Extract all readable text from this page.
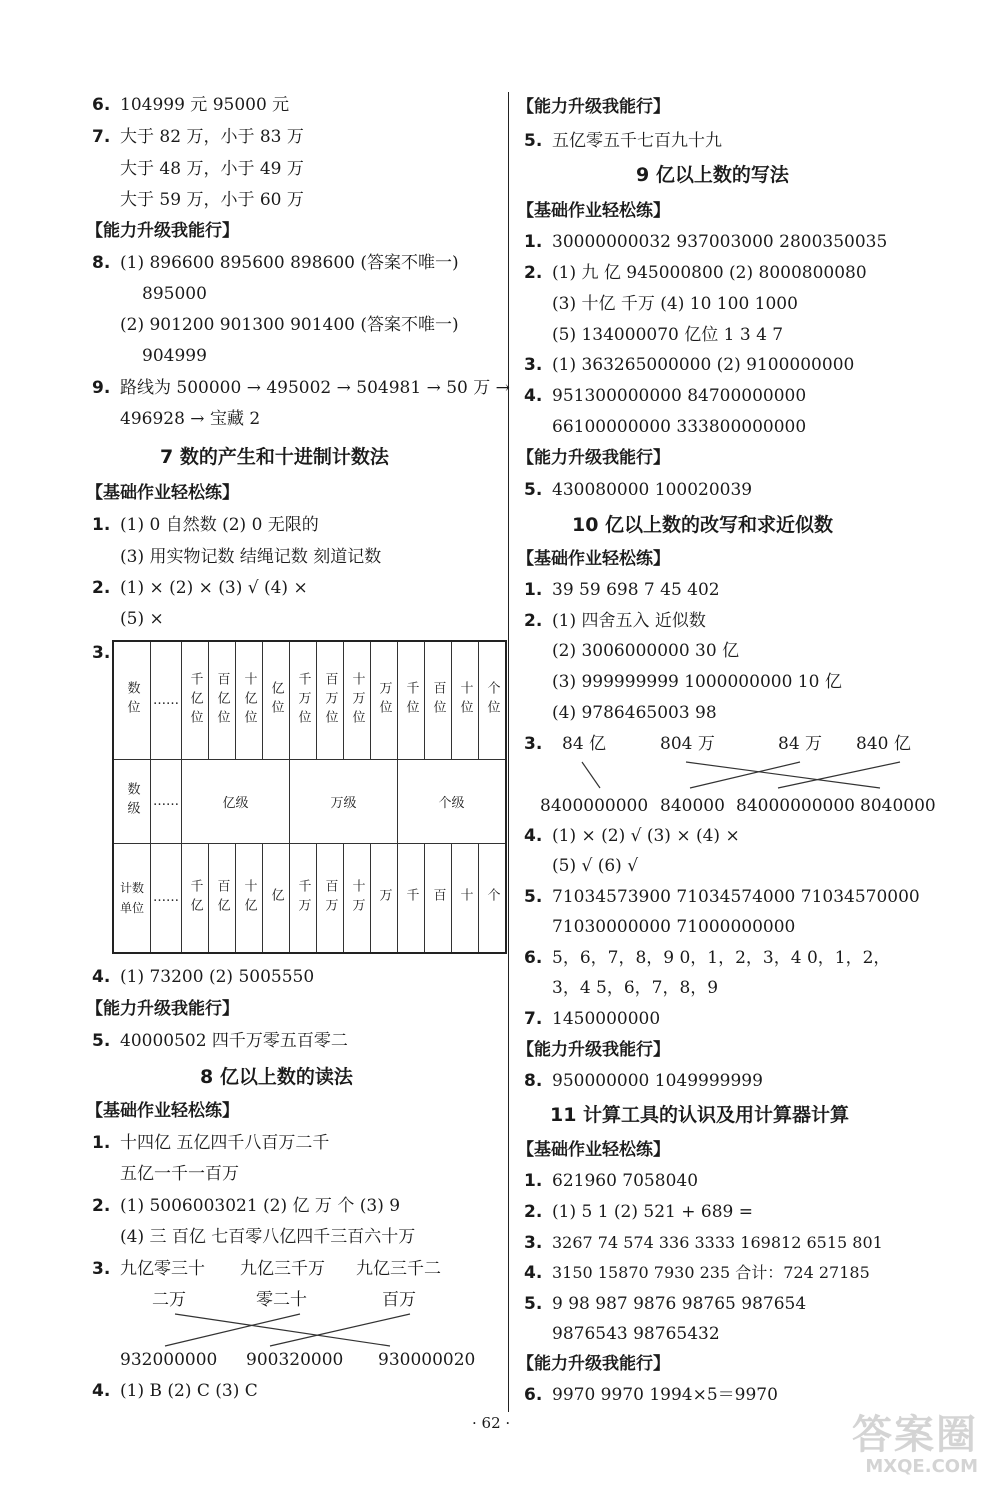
6. 104999 元 95000 元
7. 大于 82 万，小于 83 万
大于 48 万，小于 49 万
大于 59 万，小于 60 万
【能力升级我能行】
8. (1) 896600 895600 898600 (答案不唯一)
895000
(2) 901200 901300 901400 (答案不唯一)
904999
9. 路线为 500000 → 495002 → 504981 → 50 万 →
496928 → 宝藏 2
7 数的产生和十进制计数法
【基础作业轻松练】
1. (1) 0 自然数 (2) 0 无限的
(3) 用实物记数 结绳记数 刻道记数
2. (1) × (2) × (3) √ (4) ×
(5) ×
3.
数位	……	千亿位	百亿位	十亿位	亿位	千万位	百万位	十万位	万位	千位	百位	十位	个位
数级	……	亿级				万级				个级			
计数单位	……	千亿	百亿	十亿	亿	千万	百万	十万	万	千	百	十	个
4. (1) 73200 (2) 5005550
【能力升级我能行】
5. 40000502 四千万零五百零二
8 亿以上数的读法
【基础作业轻松练】
1. 十四亿 五亿四千八百万二千
五亿一千一百万
2. (1) 5006003021 (2) 亿 万 个 (3) 9
(4) 三 百亿 七百零八亿四千三百六十万
3. 九亿零三十 九亿三千万 九亿三千二
二万	零二十	百万
932000000 900320000 930000020
4. (1) B (2) C (3) C
【能力升级我能行】
5. 五亿零五千七百九十九
9 亿以上数的写法
【基础作业轻松练】
1. 30000000032 937003000 2800350035
2. (1) 九 亿 945000800 (2) 8000800080
(3) 十亿 千万 (4) 10 100 1000
(5) 134000070 亿位 1 3 4 7
3. (1) 363265000000 (2) 9100000000
4. 951300000000 84700000000
66100000000 333800000000
【能力升级我能行】
5. 430080000 100020039
10 亿以上数的改写和求近似数
【基础作业轻松练】
1. 39 59 698 7 45 402
2. (1) 四舍五入 近似数
(2) 3006000000 30 亿
(3) 999999999 1000000000 10 亿
(4) 9786465003 98
3. 84 亿	804 万	84 万 840 亿
8400000000 840000 84000000000 8040000
4. (1) × (2) √ (3) × (4) ×
(5) √ (6) √
5. 71034573900 71034574000 71034570000
71030000000 71000000000
6. 5，6，7，8，9 0，1，2，3，4 0，1，2，
3，4 5，6，7，8，9
7. 1450000000
【能力升级我能行】
8. 950000000 1049999999
11 计算工具的认识及用计算器计算
【基础作业轻松练】
1. 621960 7058040
2. (1) 5 1 (2) 521 + 689 =
3. 3267 74 574 336 3333 169812 6515 801
4. 3150 15870 7930 235 合计：724 27185
5. 9 98 987 9876 98765 987654
9876543 98765432
【能力升级我能行】
6. 9970 9970 1994×5＝9970
· 62 ·	答案圈
MXQE.COM
